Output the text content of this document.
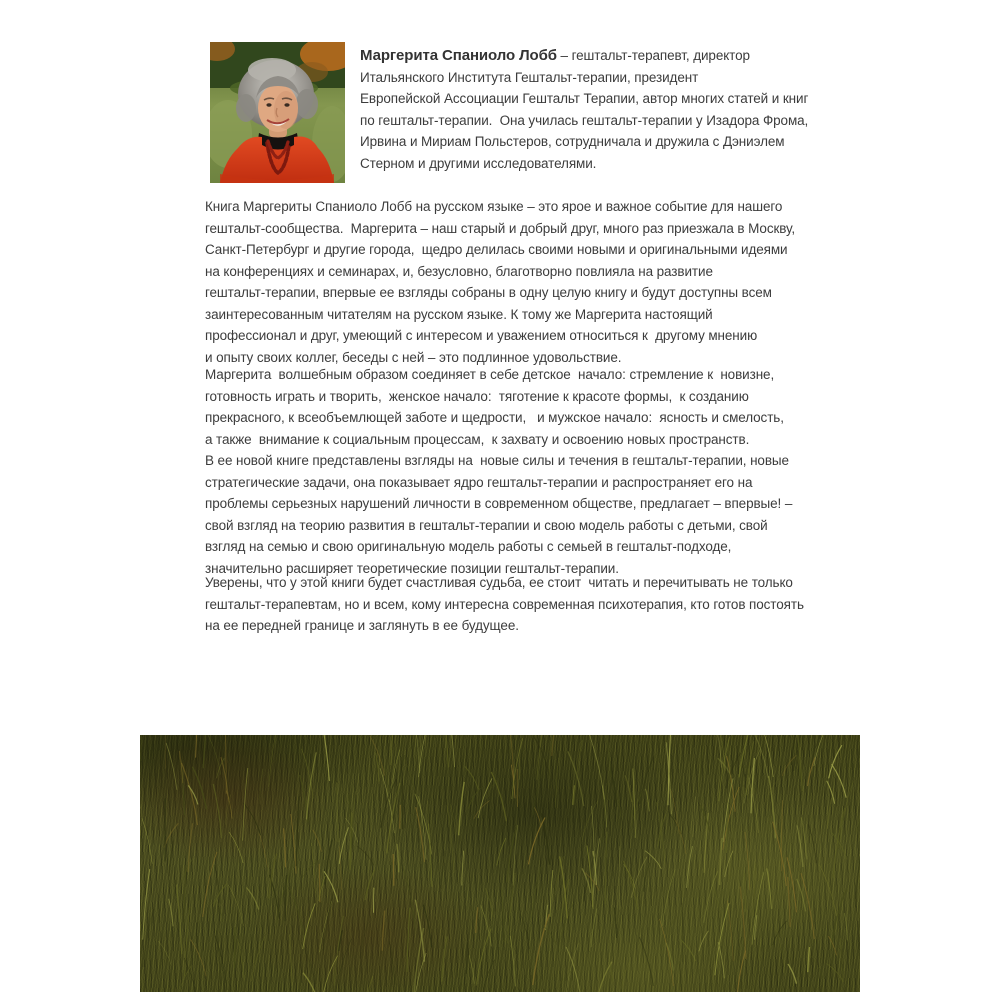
Маргерита Спаниоло Лобб – гештальт-терапевт, директор
Итальянского Института Гештальт-терапии, президент
Европейской Ассоциации Гештальт Терапии, автор многих статей и книг
по гештальт-терапии.  Она училась гештальт-терапии у Изадора Фрома,
Ирвина и Мириам Польстеров, сотрудничала и дружила с Дэниэлем
Стерном и другими исследователями.
Книга Маргериты Спаниоло Лобб на русском языке – это ярое и важное событие для нашего
гештальт-сообщества.  Маргерита – наш старый и добрый друг, много раз приезжала в Москву,
Санкт-Петербург и другие города,  щедро делилась своими новыми и оригинальными идеями
на конференциях и семинарах, и, безусловно, благотворно повлияла на развитие
гештальт-терапии, впервые ее взгляды собраны в одну целую книгу и будут доступны всем
заинтересованным читателям на русском языке. К тому же Маргерита настоящий
профессионал и друг, умеющий с интересом и уважением относиться к  другому мнению
и опыту своих коллег, беседы с ней – это подлинное удовольствие.
Маргерита  волшебным образом соединяет в себе детское  начало: стремление к  новизне,
готовность играть и творить,  женское начало:  тяготение к красоте формы,  к созданию
прекрасного, к всеобъемлющей заботе и щедрости,   и мужское начало:  ясность и смелость,
а также  внимание к социальным процессам,  к захвату и освоению новых пространств.
В ее новой книге представлены взгляды на  новые силы и течения в гештальт-терапии, новые
стратегические задачи, она показывает ядро гештальт-терапии и распространяет его на
проблемы серьезных нарушений личности в современном обществе, предлагает – впервые! –
свой взгляд на теорию развития в гештальт-терапии и свою модель работы с детьми, свой
взгляд на семью и свою оригинальную модель работы с семьей в гештальт-подходе,
значительно расширяет теоретические позиции гештальт-терапии.
Уверены, что у этой книги будет счастливая судьба, ее стоит  читать и перечитывать не только
гештальт-терапевтам, но и всем, кому интересна современная психотерапия, кто готов постоять
на ее передней границе и заглянуть в ее будущее.
